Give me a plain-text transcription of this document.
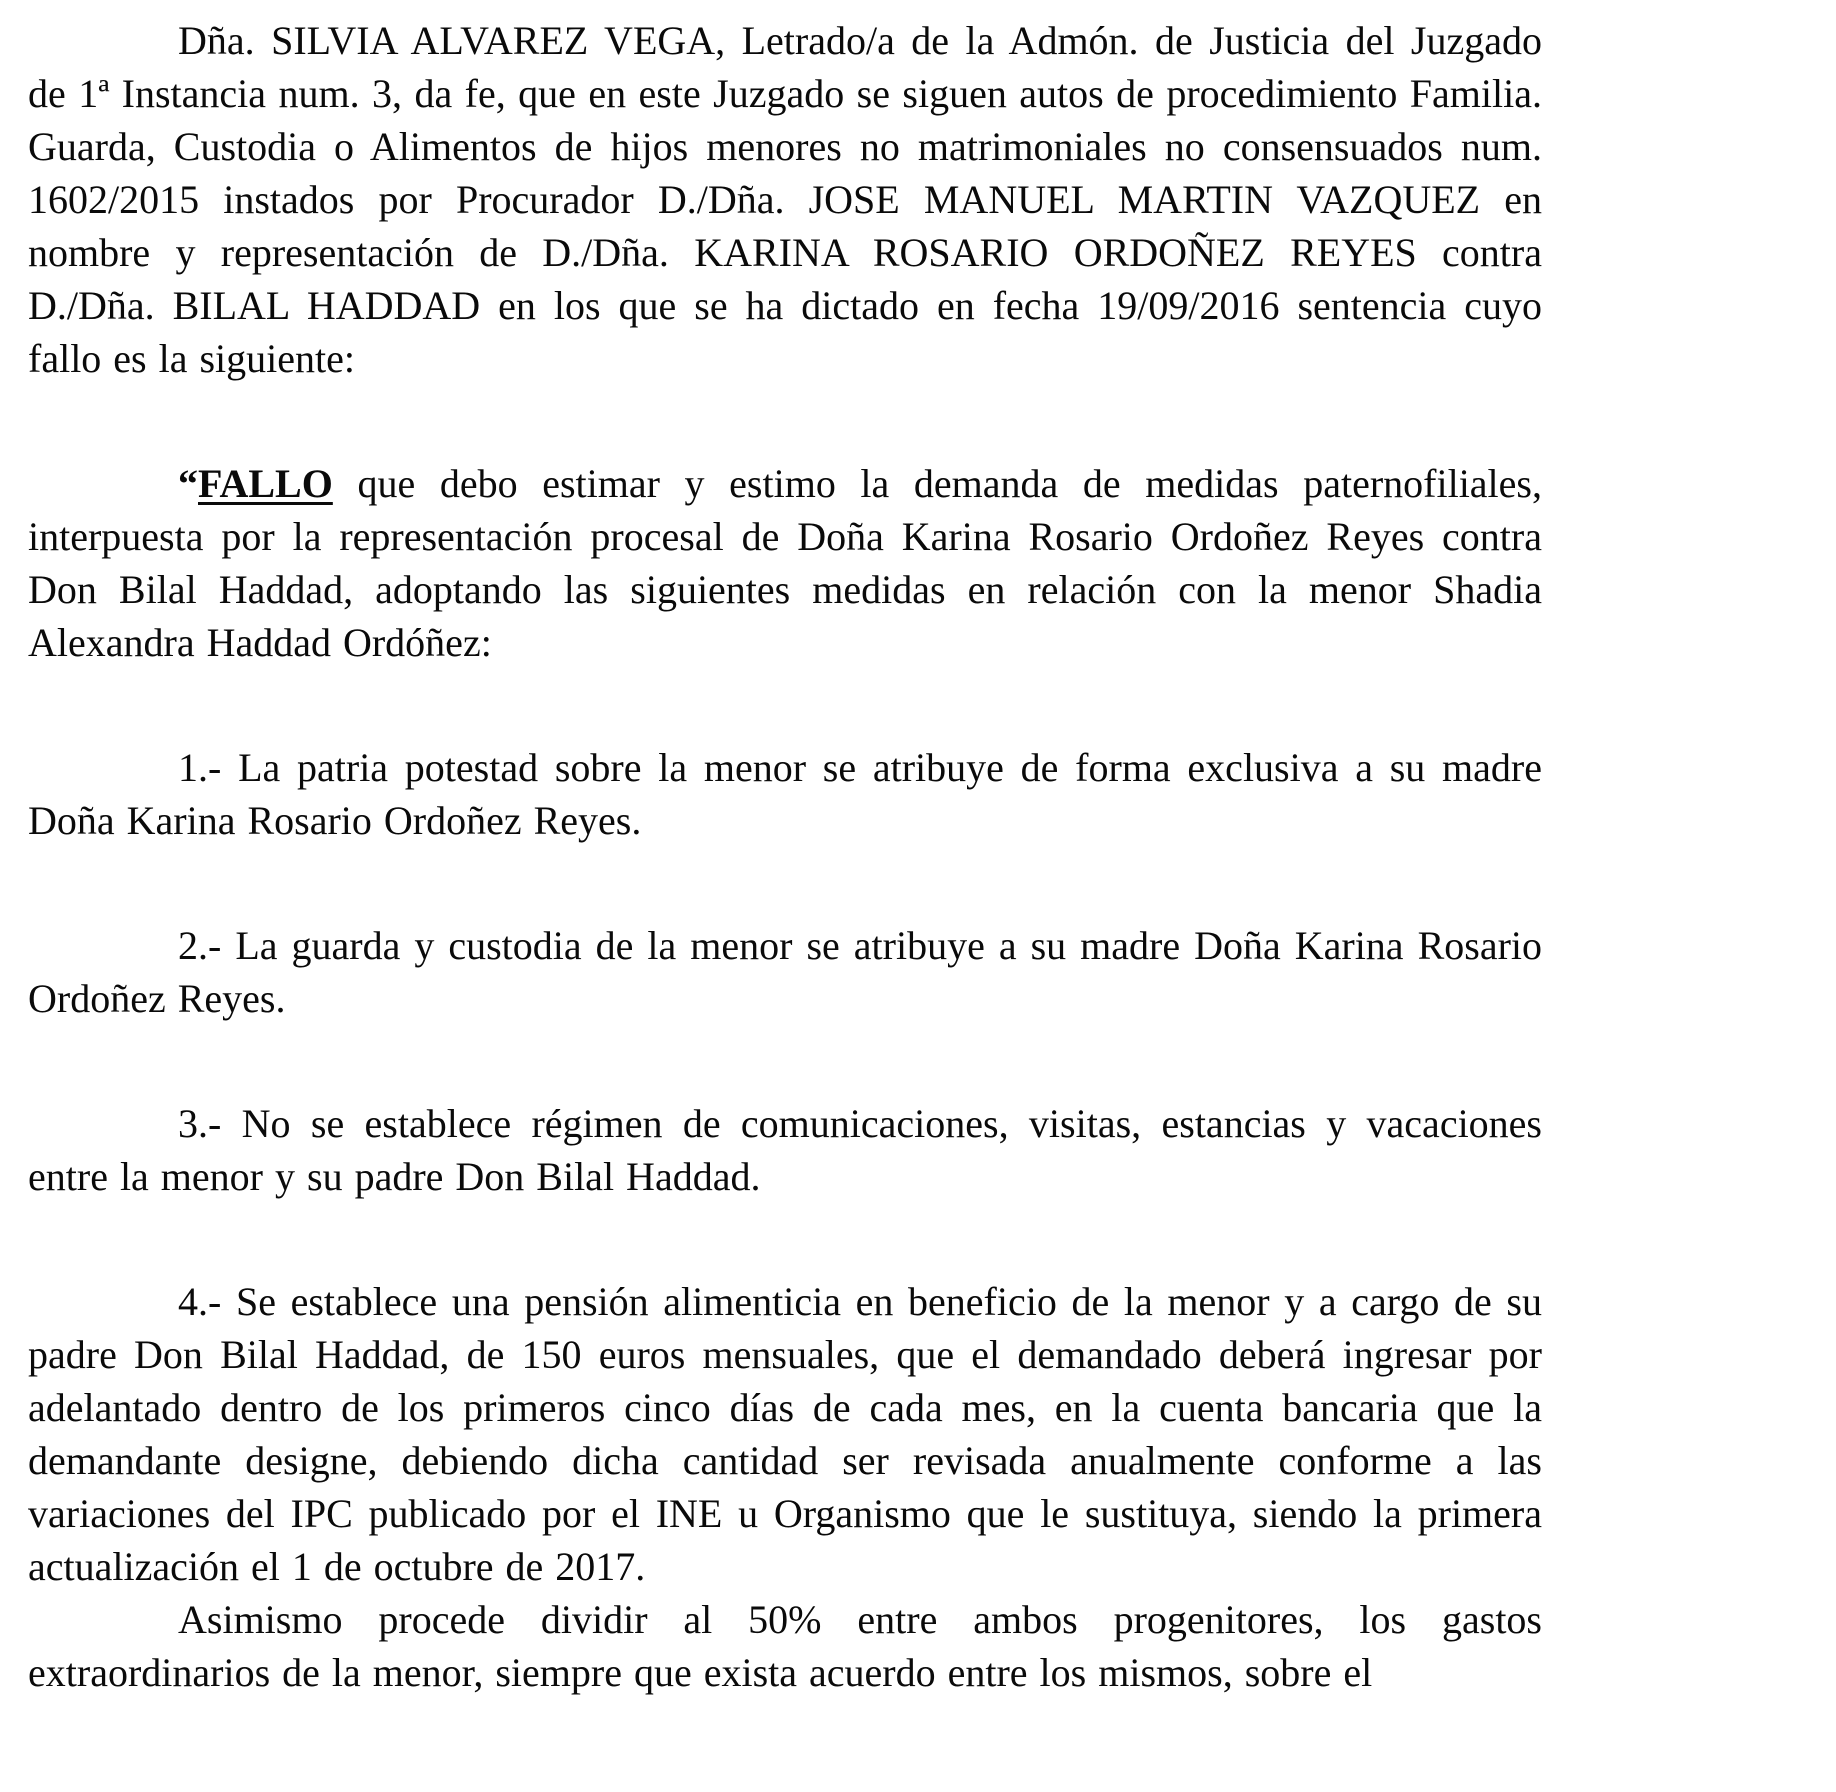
Dña. SILVIA ALVAREZ VEGA, Letrado/a de la Admón. de Justicia del Juzgado de 1ª Instancia num. 3, da fe, que en este Juzgado se siguen autos de procedimiento Familia. Guarda, Custodia o Alimentos de hijos menores no matrimoniales no consensuados num. 1602/2015 instados por Procurador D./Dña. JOSE MANUEL MARTIN VAZQUEZ en nombre y representación de D./Dña. KARINA ROSARIO ORDOÑEZ REYES contra D./Dña. BILAL HADDAD en los que se ha dictado en fecha 19/09/2016 sentencia cuyo fallo es la siguiente:

“FALLO que debo estimar y estimo la demanda de medidas paternofiliales, interpuesta por la representación procesal de Doña Karina Rosario Ordoñez Reyes contra Don Bilal Haddad, adoptando las siguientes medidas en relación con la menor Shadia Alexandra Haddad Ordóñez:

1.- La patria potestad sobre la menor se atribuye de forma exclusiva a su madre Doña Karina Rosario Ordoñez Reyes.

2.- La guarda y custodia de la menor se atribuye a su madre Doña Karina Rosario Ordoñez Reyes.

3.- No se establece régimen de comunicaciones, visitas, estancias y vacaciones entre la menor y su padre Don Bilal Haddad.

4.- Se establece una pensión alimenticia en beneficio de la menor y a cargo de su padre Don Bilal Haddad, de 150 euros mensuales, que el demandado deberá ingresar por adelantado dentro de los primeros cinco días de cada mes, en la cuenta bancaria que la demandante designe, debiendo dicha cantidad ser revisada anualmente conforme a las variaciones del IPC publicado por el INE u Organismo que le sustituya, siendo la primera actualización el 1 de octubre de 2017.

Asimismo procede dividir al 50% entre ambos progenitores, los gastos extraordinarios de la menor, siempre que exista acuerdo entre los mismos, sobre el
